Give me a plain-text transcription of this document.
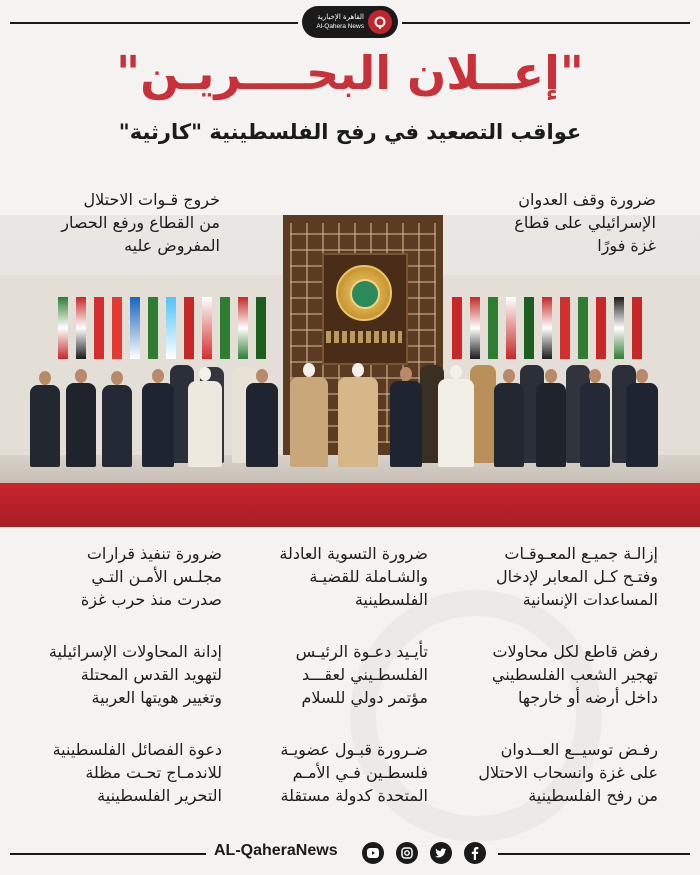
القاهرة الإخبارية
Al-Qahera News
"إعــلان البحــــريـن"
عواقب التصعيد في رفح الفلسطينية "كارثية"
خروج قـوات الاحتلال
من القطاع ورفع الحصار
المفروض عليه
ضرورة وقف العدوان
الإسرائيلي على قطاع
غزة فورًا
ضرورة تنفيذ قرارات
مجلـس الأمـن التـي
صدرت منذ حرب غزة
ضرورة التسوية العادلة
والشـاملة للقضيـة
الفلسطينية
إزالـة جميـع المعـوقـات
وفتـح كـل المعابر لإدخال
المساعدات الإنسانية
إدانة المحاولات الإسرائيلية
لتهويد القدس المحتلة
وتغيير هويتها العربية
تأيـيد دعـوة الرئيـس
الفلسطـيني لعقـــد
مؤتمر دولي للسلام
رفض قاطع لكل محاولات
تهجير الشعب الفلسطيني
داخل أرضه أو خارجها
دعوة الفصائل الفلسطينية
للاندمـاج تحـت مظلة
التحرير الفلسطينية
ضـرورة قبـول عضويـة
فلسطـين فـي الأمـم
المتحدة كدولة مستقلة
رفـض توسيــع العــدوان
على غزة وانسحاب الاحتلال
من رفح الفلسطينية
AL-QaheraNews
